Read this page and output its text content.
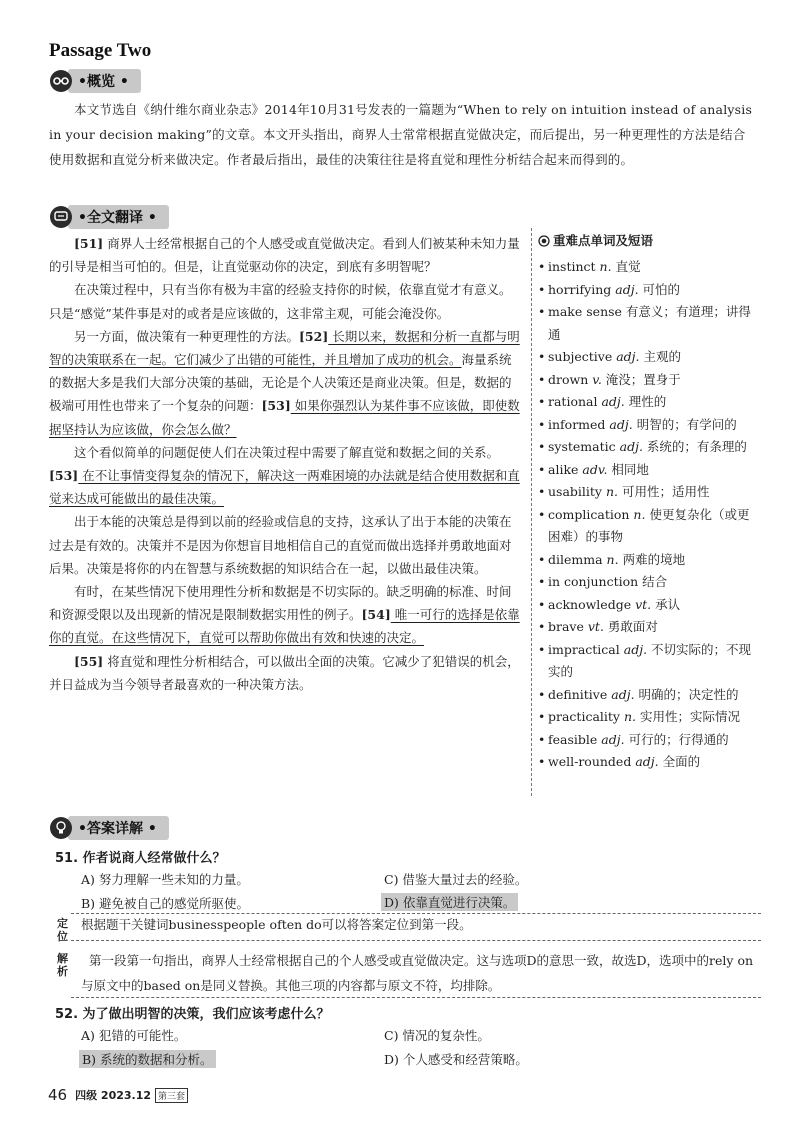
Passage Two
• 概览 •

本文节选自《纳什维尔商业杂志》2014年10月31号发表的一篇题为“When to rely on intuition instead of analysis in your decision making”的文章。本文开头指出，商界人士常常根据直觉做决定，而后提出，另一种更理性的方法是结合使用数据和直觉分析来做决定。作者最后指出，最佳的决策往往是将直觉和理性分析结合起来而得到的。

• 全文翻译 •

[51] 商界人士经常根据自己的个人感受或直觉做决定。看到人们被某种未知力量的引导是相当可怕的。但是，让直觉驱动你的决定，到底有多明智呢？

在决策过程中，只有当你有极为丰富的经验支持你的时候，依靠直觉才有意义。只是“感觉”某件事是对的或者是应该做的，这非常主观，可能会淹没你。

另一方面，做决策有一种更理性的方法。[52] 长期以来，数据和分析一直都与明智的决策联系在一起。它们减少了出错的可能性，并且增加了成功的机会。海量系统的数据大多是我们大部分决策的基础，无论是个人决策还是商业决策。但是，数据的极端可用性也带来了一个复杂的问题：[53] 如果你强烈认为某件事不应该做，即使数据坚持认为应该做，你会怎么做？

这个看似简单的问题促使人们在决策过程中需要了解直觉和数据之间的关系。[53] 在不让事情变得复杂的情况下，解决这一两难困境的办法就是结合使用数据和直觉来达成可能做出的最佳决策。

出于本能的决策总是得到以前的经验或信息的支持，这承认了出于本能的决策在过去是有效的。决策并不是因为你想盲目地相信自己的直觉而做出选择并勇敢地面对后果。决策是将你的内在智慧与系统数据的知识结合在一起，以做出最佳决策。

有时，在某些情况下使用理性分析和数据是不切实际的。缺乏明确的标准、时间和资源受限以及出现新的情况是限制数据实用性的例子。[54] 唯一可行的选择是依靠你的直觉。在这些情况下，直觉可以帮助你做出有效和快速的决定。

[55] 将直觉和理性分析相结合，可以做出全面的决策。它减少了犯错误的机会，并日益成为当今领导者最喜欢的一种决策方法。

重难点单词及短语
• instinct n. 直觉
• horrifying adj. 可怕的
• make sense 有意义；有道理；讲得通
• subjective adj. 主观的
• drown v. 淹没；置身于
• rational adj. 理性的
• informed adj. 明智的；有学问的
• systematic adj. 系统的；有条理的
• alike adv. 相同地
• usability n. 可用性；适用性
• complication n. 使更复杂化（或更困难）的事物
• dilemma n. 两难的境地
• in conjunction 结合
• acknowledge vt. 承认
• brave vt. 勇敢面对
• impractical adj. 不切实际的；不现实的
• definitive adj. 明确的；决定性的
• practicality n. 实用性；实际情况
• feasible adj. 可行的；行得通的
• well-rounded adj. 全面的
• 答案详解 •

51. 作者说商人经常做什么？

A) 努力理解一些未知的力量。	C) 借鉴大量过去的经验。
B) 避免被自己的感觉所驱使。	D) 依靠直觉进行决策。
定位
根据题干关键词businesspeople often do可以将答案定位到第一段。
解析
第一段第一句指出，商界人士经常根据自己的个人感受或直觉做决定。这与选项D的意思一致，故选D，选项中的rely on与原文中的based on是同义替换。其他三项的内容都与原文不符，均排除。

52. 为了做出明智的决策，我们应该考虑什么？

A) 犯错的可能性。	C) 情况的复杂性。
B) 系统的数据和分析。	D) 个人感受和经营策略。
46 四级 2023.12 第三套
